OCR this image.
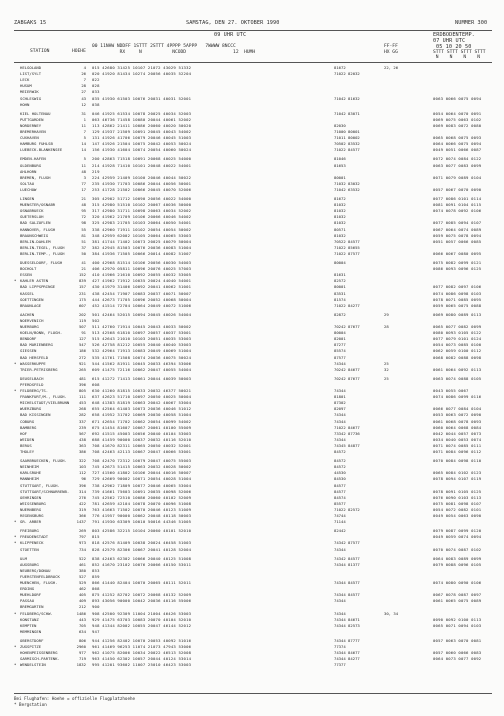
ZABGAKS 15	SAMSTAG, DEN 27. OKTOBER 1990	NUMMER 300
09 UHR UTC	ERDBODENTEMP.
07 UHR UTC
05 10 20 50
STATION	HOEHE
00 11NHW NDDFF 1STTT 2STTT 4PPPP 5APPP   7WWWW 8NCCC
RX     N           NCODD                 12  HUMH
FF-FF
HX GG	STTT STTT STTT STTT
N    N    N    N
HELGOLAND	4 015 42680 31425 10107 21072 43029 51332	81672	22, 26
LIST/SYLT	26 020 41920 81434 10274 20056 40035 52204	71022 82032
LECK	7 022
HUSUM	28 028
MEIERWIK	27 033
SCHLESWIG	43 035 41930 61503 10076 20031 40031 52001	71042 81632	0063 0066 0075 0094
HOHN	12 038
KIEL HOLTENAU	31 046 41925 61534 10078 20025 40034 52003	71042 83071	0054 0064 0070 0091
PUTTGARDEN	1 063 46736 71458 10080 20044 40061 52002	0069 0075 0063 0102
NORDERNEY	11 113 42862 21411 10086 20060 40020 50020	82030	0069 0083 0072 0080
BREMERHAVEN	7 129 41937 21509 10091 20045 40043 54002	71000 80001
CUXHAVEN	5 131 41926 41706 10079 20046 40045 51003	71011 80002	0065 0068 0075 0093
HAMBURG FUHLSB	14 147 41926 21504 10075 20042 40053 50024	70502 83532	0064 0066 0075 0094
LUEBECK-BLANKENSEE	14 156 41930 41604 10074 20054 40060 50024	71022 84577	0049 0051 0066 0087
EMDEN-HAFEN	5 200 42863 71518 10091 20068 40025 54000	81046	0072 0074 0084 0122
OLDENBURG	11 214 41928 71410 10101 20048 40022 54001	81653	0063 0077 0083 0099
AHLHORN	48 219
BREMEN, FLUGH	3 224 42959 21409 10100 20046 40044 50022	80001	0071 0079 0089 0104
SOLTAU	77 235 41930 71703 10086 20044 40056 50001	71032 83032
LUECHOW	17 253 41728 21502 10066 20045 40070 52006	71042 63532	0057 0067 0070 0090
LINGEN	21 305 42902 51712 10090 20056 40022 54000	81672	0077 0086 0101 0114
MUENSTER/OSNABR	48 315 42980 51510 10102 20067 40036 50000	81032	0081 0091 0104 0115
OSNABRUECK	95 317 42980 31711 10098 20063 40034 52002	81032	0074 0078 0092 0106
GUETERSLOH	72 320 41962 21709 10106 20066 40046 54002	81032
BAD SALZUFLEN	98 325 42983 21705 10103 20064 40050 54001	81032	0077 0085 0094 0107
HANNOVER, FLUGH	55 338 42960 71911 10102 20054 40054 50002	80571	0067 0064 0074 0089
BRAUNSCHWEIG	81 348 42959 62002 10105 20064 40065 53003	81032	0059 0075 0078 0094
BERLIN-DAHLEM	51 381 41744 71402 10073 20025 40079 50004	70522 84577	0051 0057 0066 0085
BERLIN-TEGEL, FLUGH	37 382 42945 81503 10076 20036 40083 51004	71022 85655
BERLIN-TEMP., FLUGH	50 384 41936 71505 10066 20014 40082 51007	71022 87577	0066 0067 0080 0095
DUESSELDORF, FLUGH	41 400 42968 81514 10106 20056 40030 54003	80004	0075 0082 0099 0121
BOCHOLT	21 406 42970 05811 10096 20076 40025 57003	0086 0093 0096 0125
ESSEN	152 410 41966 21610 10092 20055 40032 53005	81631
* KAHLER ASTEN	839 427 41962 71912 10035 20024 44040 54001	82572
BAD LIPPSPRINGE	157 430 41979 31406 10092 20041 40062 51001	80001	0077 0082 0097 0106
KASSEL	231 438 42454 71907 10083 20037 40071 50007	83531	0074 0086 0098 0103
GOETTINGEN	175 444 42673 71705 10096 20052 40068 50004	81574	0078 0071 0085 0095
BRAUNLAGE	607 452 41514 72704 10064 20049 40072 51006	71022 84277	0059 0065 0075 0088
AACHEN	202 501 42464 52015 10094 20045 40026 54004	82872	29	0069 0080 0089 0113
NOERVENICH	119 502
NUERBURG	507 511 42760 71914 10045 20043 40033 50002	70242 87677	28	0065 0077 0082 0099
KOELN/BONN, FLUGH.	91 513 42568 61810 10097 20057 40037 53001	80004	0080 0093 0105 0122
BENDORF	127 515 42643 21010 10103 20051 40035 53003	82001	0077 0079 0101 0124
BAD MARIENBERG	547 526 42758 81212 10055 20040 40040 53003	87277	0054 0073 0085 0100
GIESSEN	186 532 42964 71913 10083 20049 40069 51004	85574	0062 0059 0100 0112
BAD HERSFELD	272 535 41761 71508 10074 20036 40075 50024	87577	0068 0082 0088 0098
* WASSERKUPPE	921 544 41562 81911 10045 20033 46394 53006	74344	25
TRIER-PETRISBERG	265 609 41475 72116 10062 20047 40055 54004	70242 84677	32	0061 0064 0092 0113
DEUSELBACH	481 615 41272 71413 10061 20044 40039 50003	70242 87677	25	0063 0074 0088 0105
PFERDSFELD	396 608
* FELDBERG/TS.	805 630 41260 81815 10033 20032 46377 50021	74344	0043 0055 0067
FRANKFURT/M., FLUGH.	111 637 42623 51710 10097 20050 40025 50004	81801	0074 0086 0099 0116
MICHELSTADT/VIELBRUNN	453 648 41383 81819 10063 20042 40067 53004	87302
WUERZBURG	268 655 42564 61403 10073 20036 40046 51012	82097	0066 0077 0084 0104
BAD KISSINGEN	282 658 41952 31702 10069 20030 40058 51004	74344	0053 0063 0072 0090
COBURG	337 671 42654 71702 10062 20054 40099 54002	74344	0061 0068 0078 0093
BAMBERG	239 675 41454 81607 10067 20061 40100 55009	71022 84677	0060 0064 0068 0084
HOF	567 692 41515 45003 10056 20040 40104 53003	73342 87736	0042 0044 0057 0073
WEIDEN	438 688 41459 90000 10037 20032 40116 52010	74344	0034 0040 0053 0074
BERUS	363 708 41670 82311 10065 20050 40032 52001	74345 84877	0071 0074 0085 0111
THOLEY	386 708 42463 42113 10067 20047 40066 53001	84572	0071 0084 0096 0112
SAARBRUECKEN, FLUGH.	322 708 42470 72312 10079 20047 40075 55003	84572	0070 0084 0098 0110
NEINHEIM	103 745 42673 51415 10063 20032 40028 50002	84572
KARLSRUHE	112 727 41560 41802 10106 20044 40016 50007	44530	0065 0084 0102 0123
MANNHEIM	96 729 42669 90002 10071 20054 40028 51004	84530	0078 0094 0107 0119
STUTTGART, FLUGH.	396 738 42962 71809 10077 20046 40065 53004	84577
STUTTGART/SCHNARRENB.	314 739 41661 75603 10091 20035 40098 52006	84577	0078 0091 0105 0125
OEHRINGEN	276 745 42562 72510 10086 20060 40102 52009	84574	0076 0090 0103 0113
WEISSENBURG	422 781 42659 42104 10078 20070 40096 51008	85577	0075 0081 0098 0107
NUERNBERG	319 763 41663 71502 10070 20046 40123 51009	71022 82572	0054 0072 0082 0101
REGENSBURG	366 776 41957 90000 10062 20048 40118 50003	74744	0049 0054 0063 0090
* GR. ARBER	1437 791 41930 63309 10010 50016 44346 51005	71144
FREIBURG	269 803 42586 32215 10104 20060 40101 52010	82442	0079 0087 0099 0120
* FREUDENSTADT	797 815	0049 0059 0074 0094
* KLIPPENECK	973 818 42576 81409 10038 20024 46458 51003	74342 87577
STOETTEN	734 828 42579 82306 10067 20041 40128 52004	74344	0070 0074 0087 0102
ULM	522 838 42463 62302 10066 20040 40125 51008	74342 84577	0064 0083 0089 0099
AUGSBURG	461 852 41670 23102 10076 20066 40150 53011	74344 81377	0079 0088 0096 0105
NEUBERG/DONAU	380 853
FUERSTENFELDBRUCK	527 859
MUENCHEN, FLUGH.	529 866 41440 82404 10070 20065 40111 52011	74344 84577	0074 0080 0090 0106
ERDING	462 868
MUEHLDORF	405 875 41252 82702 10072 20068 40132 52009	74344 84577	0067 0078 0087 0097
PASSAU	409 893 43056 90000 10042 20036 40116 55006	74344	0061 0065 0075 0089
BREMGARTEN	212 900
* FELDBERG/SCHW.	1486 908 42500 92309 11004 21004 46426 53003	74344	30, 34
KONSTANZ	443 929 41475 63703 10083 20070 40104 52010	74344 84671	0090 0092 0100 0113
KEMPTEN	705 948 41344 82002 10055 20047 46144 52012	74344 82573	0065 0071 0094 0103
MEMMINGEN	634 947
OBERSTDORF	806 944 41256 82402 10070 20053 40092 51016	74344 87777	0057 0063 0070 0081
* ZUGSPITZE	2960 961 41469 96253 11074 21073 47943 53006	77374
HOHENPEISSENBERG	977 962 41075 82006 10034 20022 46513 52008	74344 84677	0057 0060 0066 0083
GARMISCH-PARTENK.	719 963 41450 62302 10057 20044 40124 53014	74344 84277	0064 0073 0077 0092
* WENDELSTEIN	1832 995 41201 93602 11007 25010 46423 53003	77377
Bei Flughafen: Hoehe = offizielle Flugplatzhoehe
* Bergstation
